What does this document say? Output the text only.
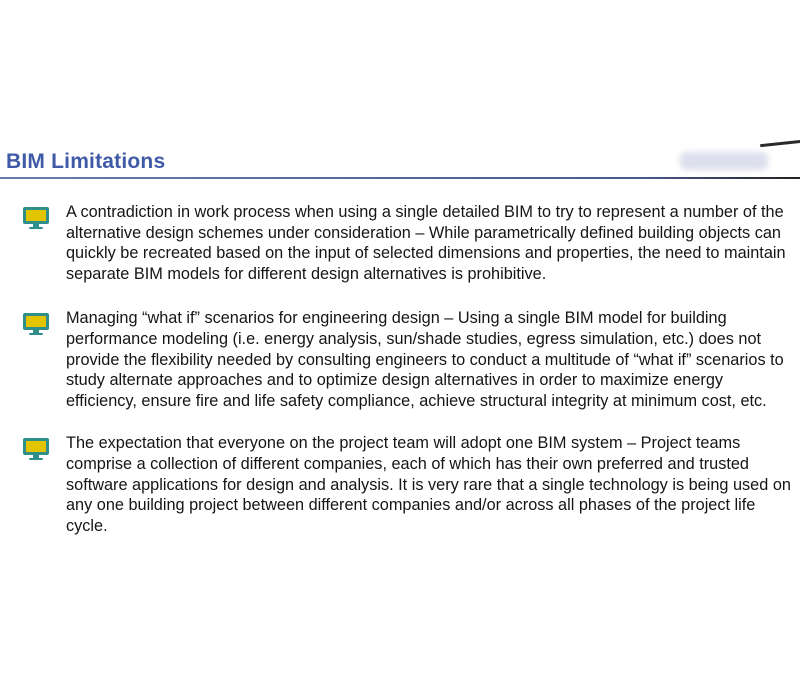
BIM Limitations
A contradiction in work process when using a single detailed BIM to try to represent a number of the alternative design schemes under consideration – While parametrically defined building objects can quickly be recreated based on the input of selected dimensions and properties, the need to maintain separate BIM models for different design alternatives is prohibitive.
Managing “what if” scenarios for engineering design – Using a single BIM model for building performance modeling (i.e. energy analysis, sun/shade studies, egress simulation, etc.) does not provide the flexibility needed by consulting engineers to conduct a multitude of “what if” scenarios to study alternate approaches and to optimize design alternatives in order to maximize energy efficiency, ensure fire and life safety compliance, achieve structural integrity at minimum cost, etc.
The expectation that everyone on the project team will adopt one BIM system – Project teams comprise a collection of different companies, each of which has their own preferred and trusted software applications for design and analysis. It is very rare that a single technology is being used on any one building project between different companies and/or across all phases of the project life cycle.
